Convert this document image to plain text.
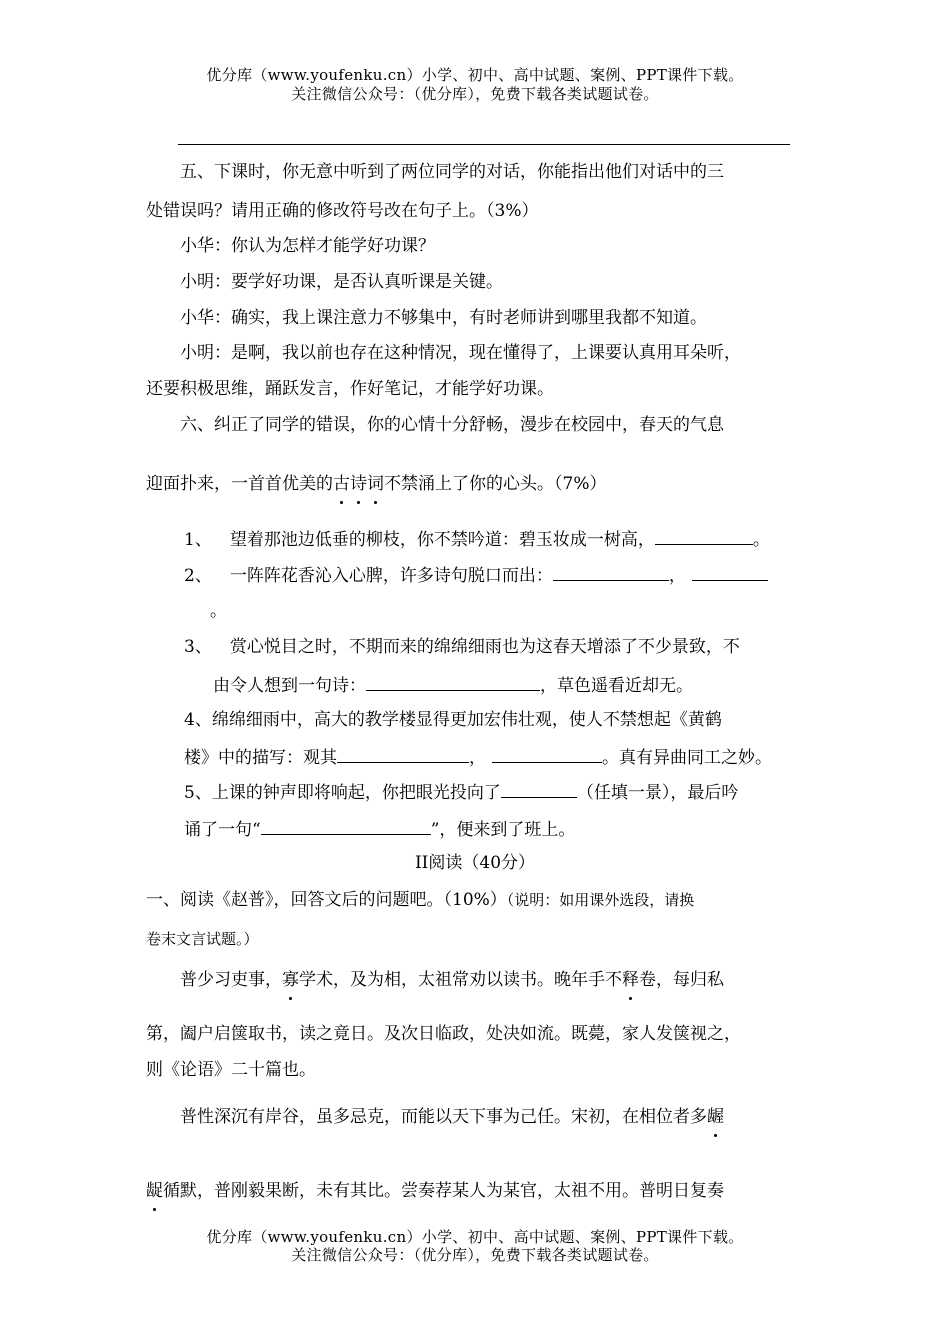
优分库（www.youfenku.cn）小学、初中、高中试题、案例、PPT课件下载。
关注微信公众号：（优分库），免费下载各类试题试卷。
五、下课时，你无意中听到了两位同学的对话，你能指出他们对话中的三
处错误吗？请用正确的修改符号改在句子上。（3%）
小华：你认为怎样才能学好功课？
小明：要学好功课，是否认真听课是关键。
小华：确实，我上课注意力不够集中，有时老师讲到哪里我都不知道。
小明：是啊，我以前也存在这种情况，现在懂得了，上课要认真用耳朵听，
还要积极思维，踊跃发言，作好笔记，才能学好功课。
六、纠正了同学的错误，你的心情十分舒畅，漫步在校园中，春天的气息
迎面扑来，一首首优美的古诗词不禁涌上了你的心头。（7%）
1、 望着那池边低垂的柳枝，你不禁吟道：碧玉妆成一树高，	。
2、 一阵阵花香沁入心脾，许多诗句脱口而出：	，
。
3、 赏心悦目之时，不期而来的绵绵细雨也为这春天增添了不少景致，不
由令人想到一句诗：	，草色遥看近却无。
4、绵绵细雨中，高大的教学楼显得更加宏伟壮观，使人不禁想起《黄鹤
楼》中的描写：观其	，	。真有异曲同工之妙。
5、上课的钟声即将响起，你把眼光投向了	（任填一景），最后吟
诵了一句“	”，便来到了班上。
II阅读（40分）
一、阅读《赵普》，回答文后的问题吧。（10%）（说明：如用课外选段，请换
卷末文言试题。）
普少习吏事，寡学术，及为相，太祖常劝以读书。晚年手不释卷，每归私
第，阖户启箧取书，读之竟日。及次日临政，处决如流。既薨，家人发箧视之，
则《论语》二十篇也。
普性深沉有岸谷，虽多忌克，而能以天下事为己任。宋初，在相位者多龌
龊循默，普刚毅果断，未有其比。尝奏荐某人为某官，太祖不用。普明日复奏
优分库（www.youfenku.cn）小学、初中、高中试题、案例、PPT课件下载。
关注微信公众号：（优分库），免费下载各类试题试卷。
